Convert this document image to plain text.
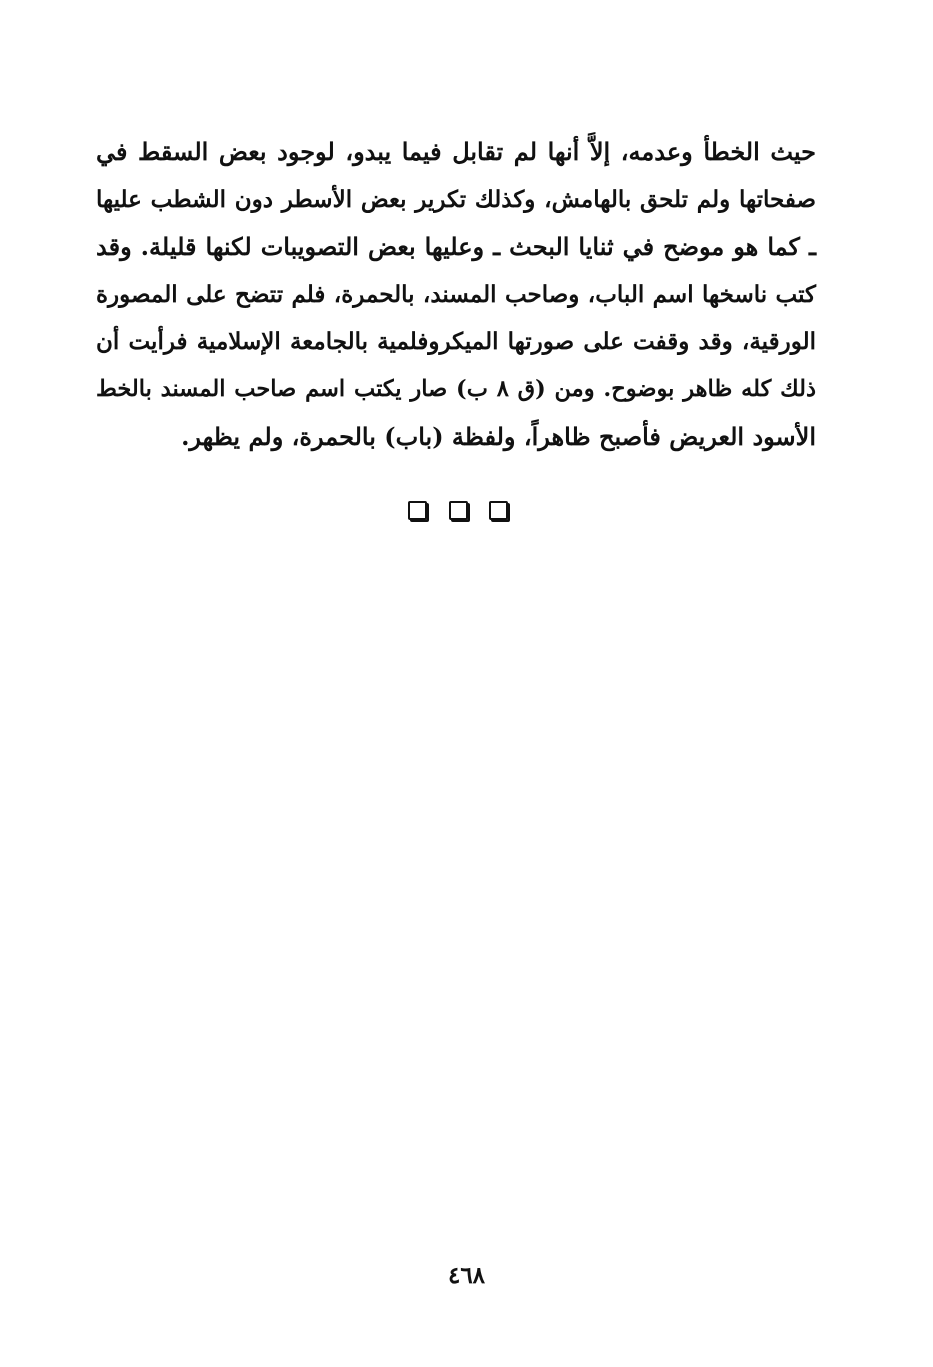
حيث الخطأ وعدمه، إلاَّ أنها لم تقابل فيما يبدو، لوجود بعض السقط في
صفحاتها ولم تلحق بالهامش، وكذلك تكرير بعض الأسطر دون الشطب عليها
ـ كما هو موضح في ثنايا البحث ـ وعليها بعض التصويبات لكنها قليلة. وقد
كتب ناسخها اسم الباب، وصاحب المسند، بالحمرة، فلم تتضح على المصورة
الورقية، وقد وقفت على صورتها الميكروفلمية بالجامعة الإسلامية فرأيت أن
ذلك كله ظاهر بوضوح. ومن (ق ٨ ب) صار يكتب اسم صاحب المسند بالخط
الأسود العريض فأصبح ظاهراً، ولفظة (باب) بالحمرة، ولم يظهر.
٤٦٨
